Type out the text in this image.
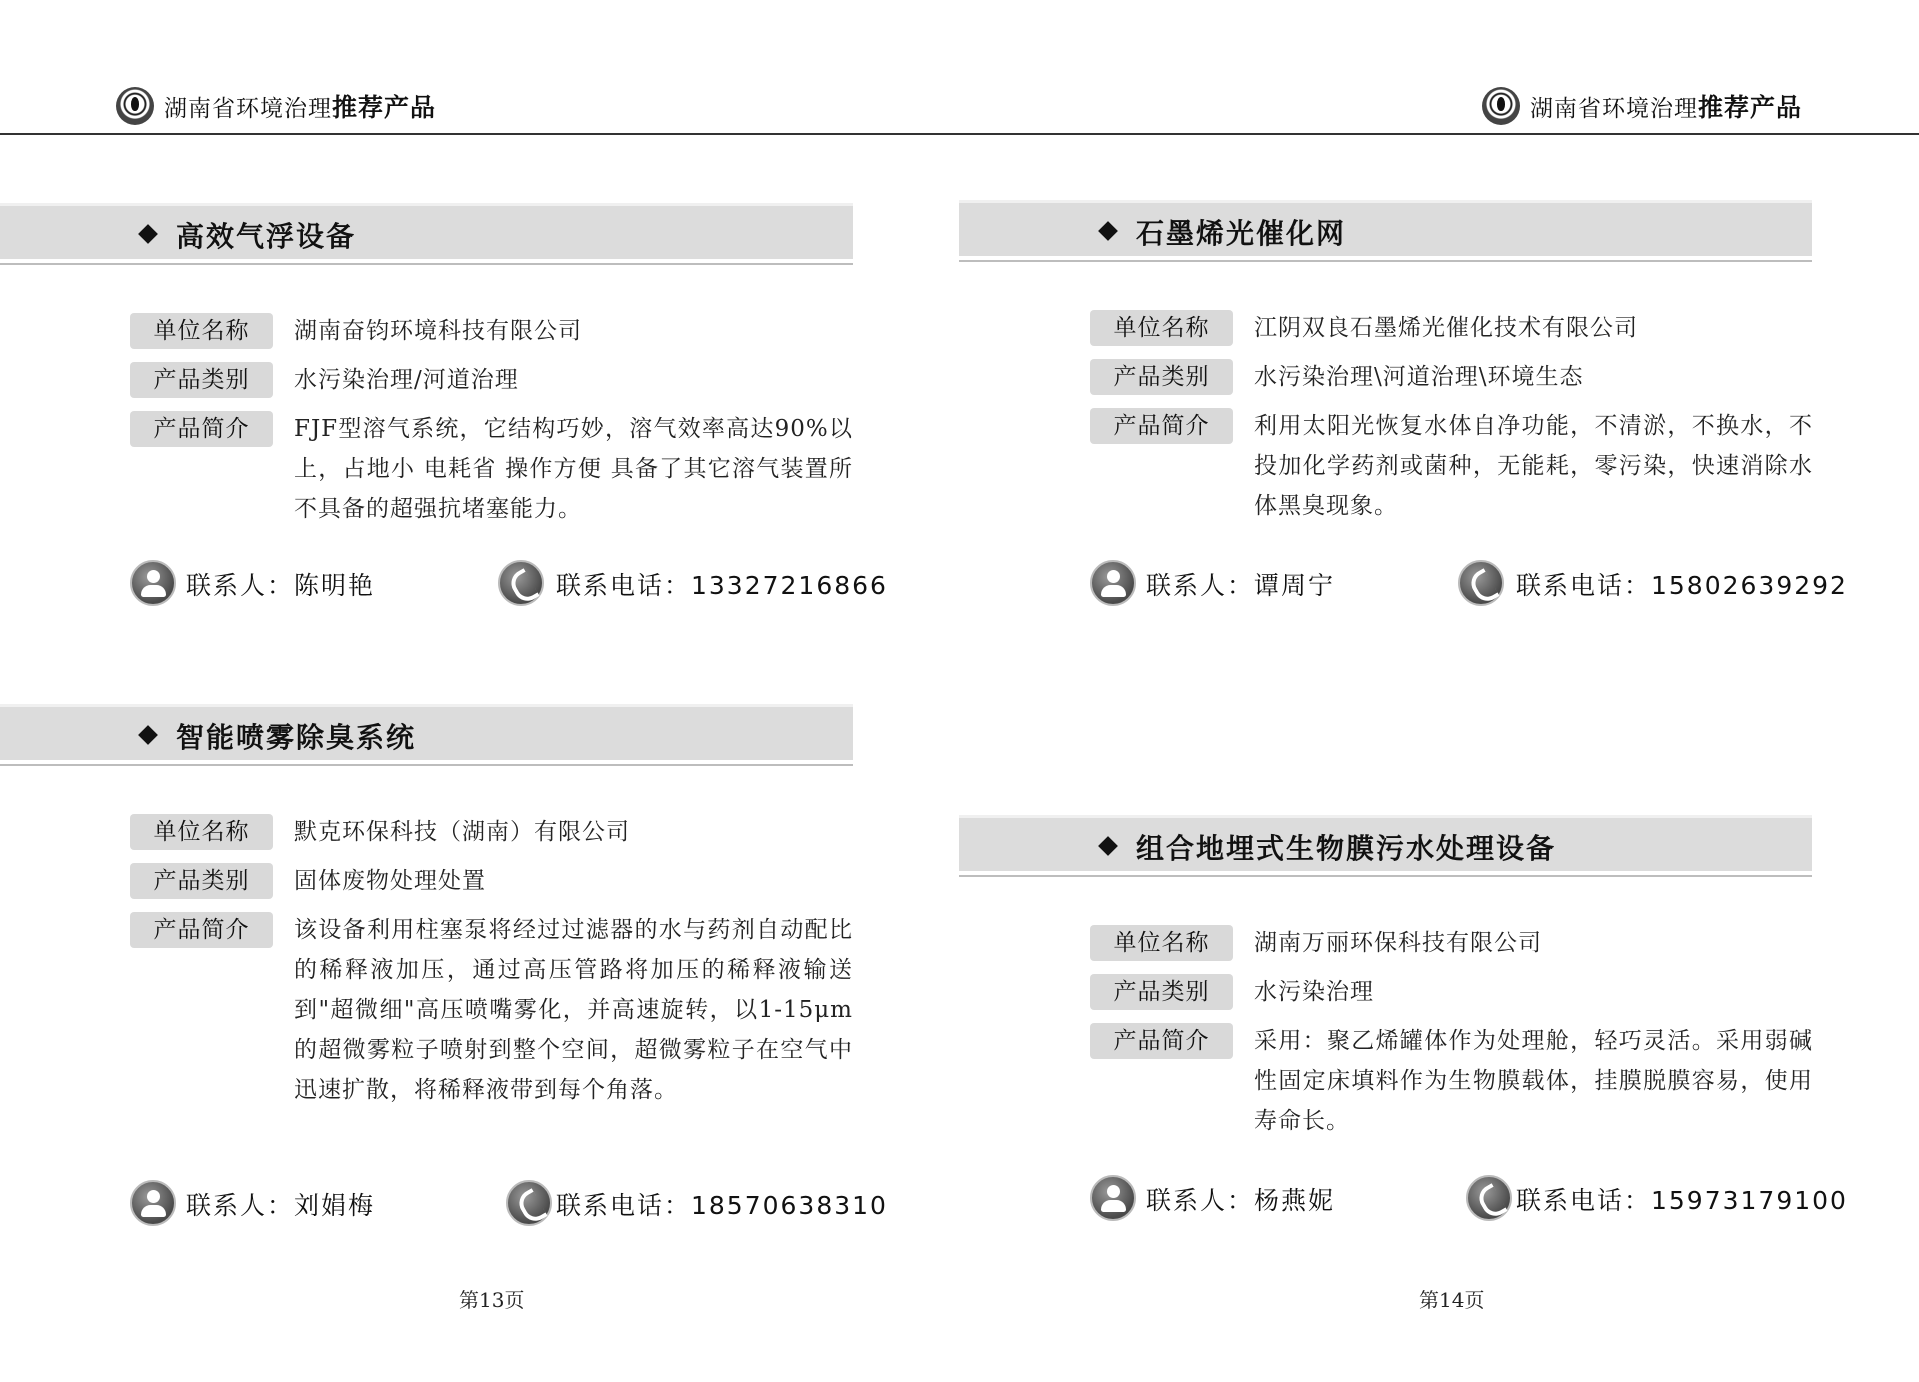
湖南省环境治理推荐产品	湖南省环境治理推荐产品
高效气浮设备
单位名称	湖南奋钧环境科技有限公司
产品类别	水污染治理/河道治理
产品简介	FJF型溶气系统，它结构巧妙，溶气效率高达90%以上，占地小 电耗省 操作方便 具备了其它溶气装置所不具备的超强抗堵塞能力。
联系人：陈明艳	联系电话：13327216866
智能喷雾除臭系统
单位名称	默克环保科技（湖南）有限公司
产品类别	固体废物处理处置
产品简介	该设备利用柱塞泵将经过过滤器的水与药剂自动配比的稀释液加压，通过高压管路将加压的稀释液输送到"超微细"高压喷嘴雾化，并高速旋转，以1-15μm 的超微雾粒子喷射到整个空间，超微雾粒子在空气中迅速扩散，将稀释液带到每个角落。
联系人：刘娟梅	联系电话：18570638310
石墨烯光催化网
单位名称	江阴双良石墨烯光催化技术有限公司
产品类别	水污染治理\河道治理\环境生态
产品简介	利用太阳光恢复水体自净功能，不清淤，不换水，不投加化学药剂或菌种，无能耗，零污染，快速消除水体黑臭现象。
联系人：谭周宁	联系电话：15802639292
组合地埋式生物膜污水处理设备
单位名称	湖南万丽环保科技有限公司
产品类别	水污染治理
产品简介	采用：聚乙烯罐体作为处理舱，轻巧灵活。采用弱碱性固定床填料作为生物膜载体，挂膜脱膜容易，使用寿命长。
联系人：杨燕妮	联系电话：15973179100
第13页	第14页
